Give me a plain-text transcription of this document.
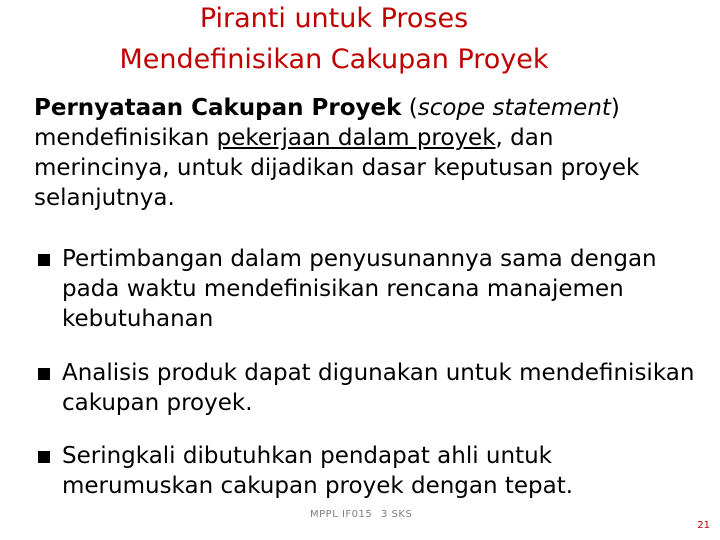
Piranti untuk Proses
Mendefinisikan Cakupan Proyek
Pernyataan Cakupan Proyek (scope statement) mendefinisikan pekerjaan dalam proyek, dan merincinya, untuk dijadikan dasar keputusan proyek selanjutnya.
Pertimbangan dalam penyusunannya sama dengan pada waktu mendefinisikan rencana manajemen kebutuhanan
Analisis produk dapat digunakan untuk mendefinisikan cakupan proyek.
Seringkali dibutuhkan pendapat ahli untuk merumuskan cakupan proyek dengan tepat.
MPPL IF015 3 SKS
21
